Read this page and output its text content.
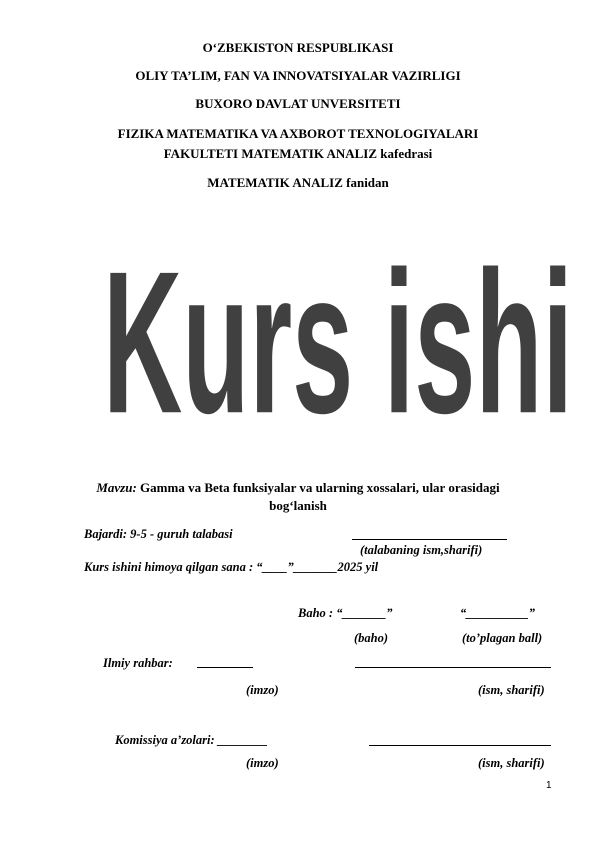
O‘ZBEKISTON RESPUBLIKASI
OLIY TA’LIM, FAN VA INNOVATSIYALAR VAZIRLIGI
BUXORO DAVLAT UNVERSITETI
FIZIKA MATEMATIKA VA AXBOROT TEXNOLOGIYALARI
FAKULTETI MATEMATIK ANALIZ kafedrasi
MATEMATIK ANALIZ fanidan
Kurs ishi
Mavzu: Gamma va Beta funksiyalar va ularning xossalari, ular orasidagi
bog‘lanish
Bajardi: 9-5 - guruh talabasi
(talabaning ism,sharifi)
Kurs ishini himoya qilgan sana : “____”_______2025 yil
Baho : “_______”	“__________”
(baho)	(to’plagan ball)
Ilmiy rahbar:
(imzo)	(ism, sharifi)
Komissiya a’zolari: ________
(imzo)	(ism, sharifi)
1
